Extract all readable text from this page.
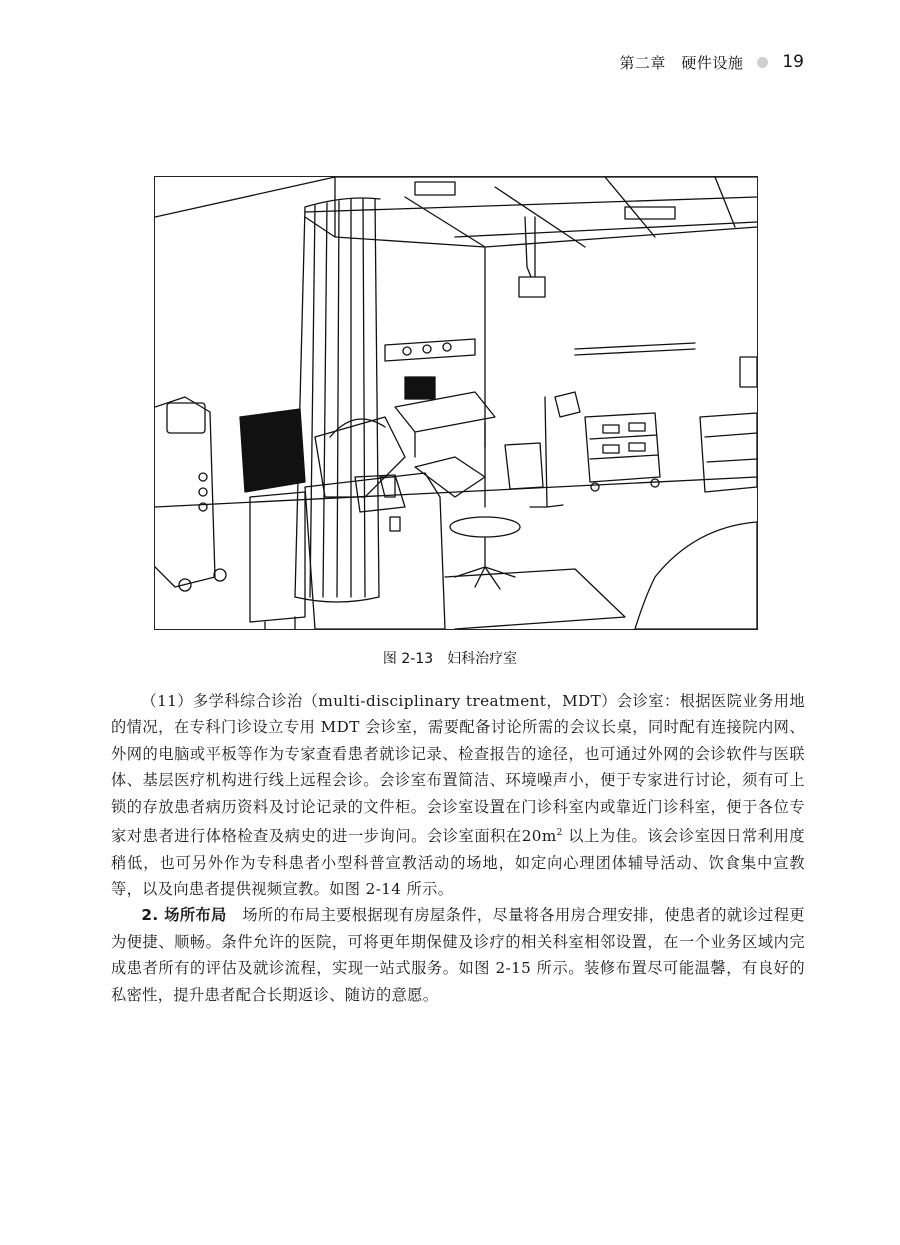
第二章　硬件设施 19
图 2-13　妇科治疗室

（11）多学科综合诊治（multi-disciplinary treatment，MDT）会诊室：根据医院业务用地的情况，在专科门诊设立专用 MDT 会诊室，需要配备讨论所需的会议长桌，同时配有连接院内网、外网的电脑或平板等作为专家查看患者就诊记录、检查报告的途径，也可通过外网的会诊软件与医联体、基层医疗机构进行线上远程会诊。会诊室布置简洁、环境噪声小，便于专家进行讨论，须有可上锁的存放患者病历资料及讨论记录的文件柜。会诊室设置在门诊科室内或靠近门诊科室，便于各位专家对患者进行体格检查及病史的进一步询问。会诊室面积在$20m^2$ 以上为佳。该会诊室因日常利用度稍低，也可另外作为专科患者小型科普宣教活动的场地，如定向心理团体辅导活动、饮食集中宣教等，以及向患者提供视频宣教。如图 2-14 所示。

2. 场所布局　场所的布局主要根据现有房屋条件，尽量将各用房合理安排，使患者的就诊过程更为便捷、顺畅。条件允许的医院，可将更年期保健及诊疗的相关科室相邻设置，在一个业务区域内完成患者所有的评估及就诊流程，实现一站式服务。如图 2-15 所示。装修布置尽可能温馨，有良好的私密性，提升患者配合长期返诊、随访的意愿。
